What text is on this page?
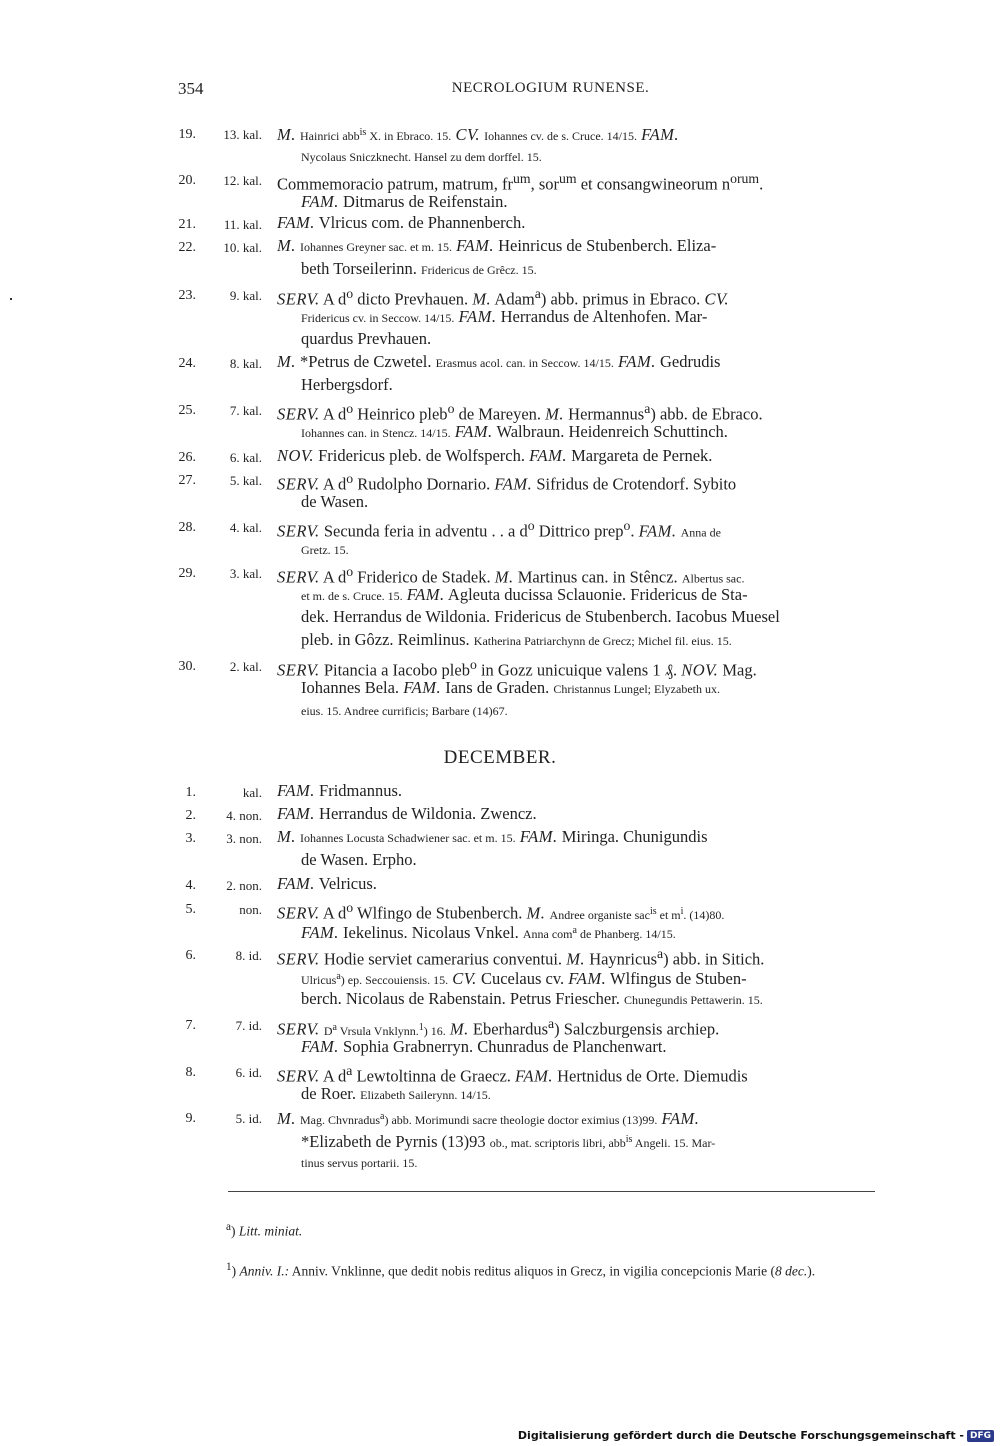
354	NECROLOGIUM RUNENSE.
19.	13. kal. M. Hainrici abb$^{is}$ X. in Ebraco. 15. CV. Iohannes cv. de s. Cruce. 14/15. FAM.
Nycolaus Sniczknecht. Hansel zu dem dorffel. 15.
20.	12. kal. Commemoracio patrum, matrum, $fr^{um}$, sor$^{um}$ et consangwineorum $n^{orum}$.
FAM. Ditmarus de Reifenstain.
21.	11. kal. FAM. Vlricus com. de Phannenberch.
22.	10. kal. M. Iohannes Greyner sac. et m. 15. FAM. Heinricus de Stubenberch. Eliza-
beth Torseilerinn. Fridericus de Grêcz. 15.
23.	9. kal. SERV. A $d^o$ dicto Prevhauen. M. Adam$^a$) abb. primus in Ebraco. CV.
Fridericus cv. in Seccow. 14/15. FAM. Herrandus de Altenhofen. Mar-
quardus Prevhauen.
24.	8. kal. M. *Petrus de Czwetel. Erasmus acol. can. in Seccow. 14/15. FAM. Gedrudis
Herbergsdorf.
25.	7. kal. SERV. A $d^o$ Heinrico pleb$^o$ de Mareyen. M. Hermannus$^a$) abb. de Ebraco.
Iohannes can. in Stencz. 14/15. FAM. Walbraun. Heidenreich Schuttinch.
26.	6. kal. NOV. Fridericus pleb. de Wolfsperch. FAM. Margareta de Pernek.
27.	5. kal. SERV. A $d^o$ Rudolpho Dornario. FAM. Sifridus de Crotendorf. Sybito
de Wasen.
28.	4. kal. SERV. Secunda feria in adventu . . a $d^o$ Dittrico prep$^o$. FAM. Anna de
Gretz. 15.
29.	3. kal. SERV. A $d^o$ Friderico de Stadek. M. Martinus can. in Stêncz. Albertus sac.
et m. de s. Cruce. 15. FAM. Agleuta ducissa Sclauonie. Fridericus de Sta-
dek. Herrandus de Wildonia. Fridericus de Stubenberch. Iacobus Muesel
pleb. in Gôzz. Reimlinus. Katherina Patriarchynn de Grecz; Michel fil. eius. 15.
30.	2. kal. SERV. Pitancia a Iacobo pleb$^o$ in Gozz unicuique valens 1 ₰. NOV. Mag.
Iohannes Bela. FAM. Ians de Graden. Christannus Lungel; Elyzabeth ux.
eius. 15. Andree currificis; Barbare (14)67.
DECEMBER.
1.	kal. FAM. Fridmannus.
2.	4. non. FAM. Herrandus de Wildonia. Zwencz.
3.	3. non. M. Iohannes Locusta Schadwiener sac. et m. 15. FAM. Miringa. Chunigundis
de Wasen. Erpho.
4.	2. non. FAM. Velricus.
5.	non. SERV. A $d^o$ Wlfingo de Stubenberch. M. Andree organiste sac$^{is}$ et $m^i$. (14)80.
FAM. Iekelinus. Nicolaus Vnkel. Anna com$^a$ de Phanberg. 14/15.
6.	8. id. SERV. Hodie serviet camerarius conventui. M. Haynricus$^a$) abb. in Sitich.
Ulricus$^a$) ep. Seccouiensis. 15. CV. Cucelaus cv. FAM. Wlfingus de Stuben-
berch. Nicolaus de Rabenstain. Petrus Friescher. Chunegundis Pettawerin. 15.
7.	7. id. SERV. $D^a$ Vrsula Vnklynn.$^1$) 16. M. Eberhardus$^a$) Salczburgensis archiep.
FAM. Sophia Grabnerryn. Chunradus de Planchenwart.
8.	6. id. SERV. A $d^a$ Lewtoltinna de Graecz. FAM. Hertnidus de Orte. Diemudis
de Roer. Elizabeth Sailerynn. 14/15.
9.	5. id. M. Mag. Chvnradus$^a$) abb. Morimundi sacre theologie doctor eximius (13)99. FAM.
*Elizabeth de Pyrnis (13)93 ob., mat. scriptoris libri, abb$^{is}$ Angeli. 15. Mar-
tinus servus portarii. 15.
$^a$) Litt. miniat.
$^1$) Anniv. I.: Anniv. Vnklinne, que dedit nobis reditus aliquos in Grecz, in vigilia concepcionis Marie (8 dec.).
Digitalisierung gefördert durch die Deutsche Forschungsgemeinschaft - DFG
